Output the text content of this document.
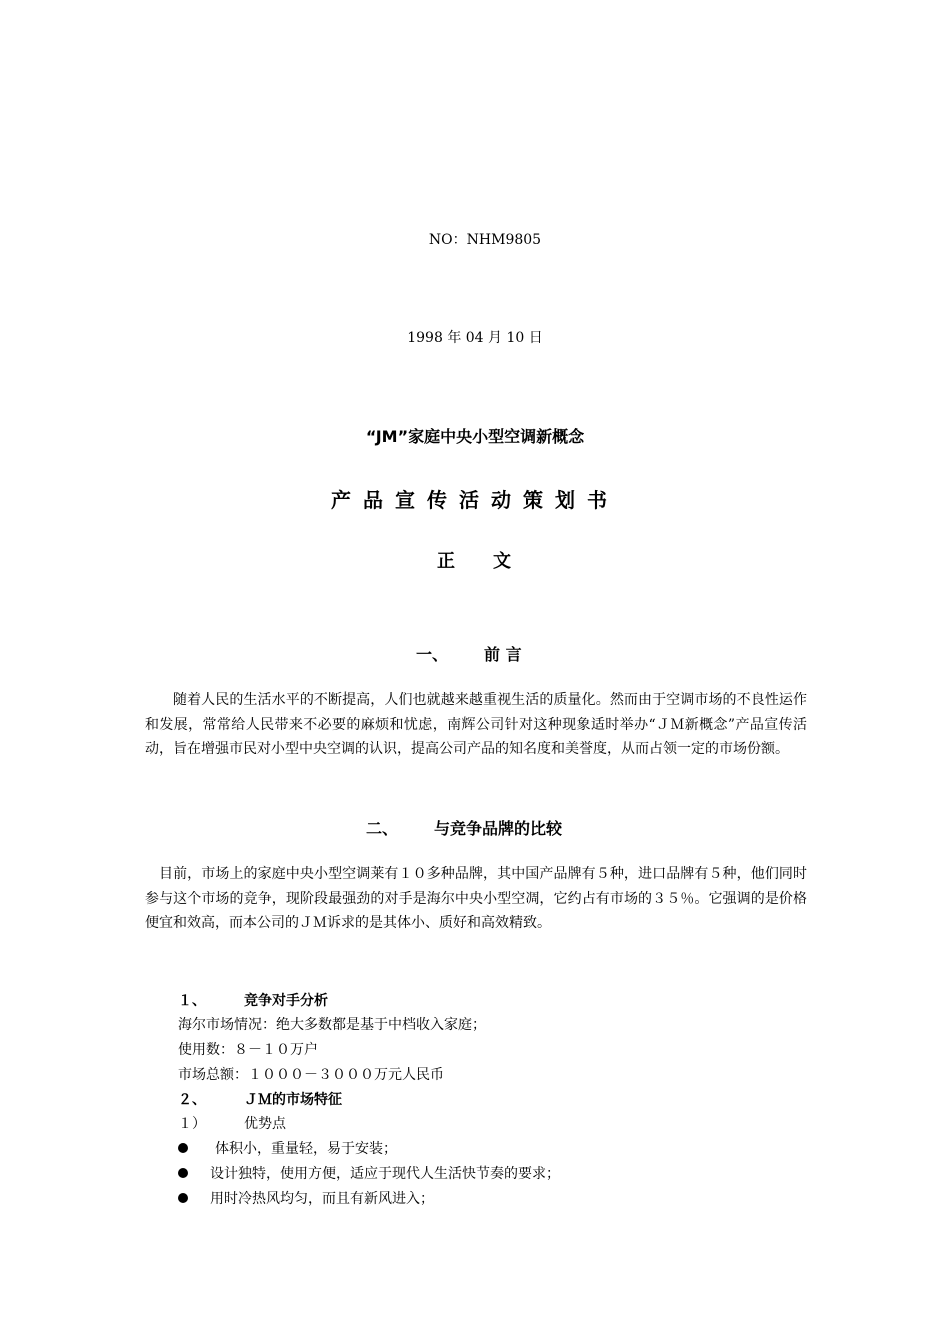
NO：NHM9805
1998 年 04 月 10 日
“JM”家庭中央小型空调新概念
产品宣传活动策划书
正文
一、 前 言
随着人民的生活水平的不断提高，人们也就越来越重视生活的质量化。然而由于空调市场的不良性运作和发展，常常给人民带来不必要的麻烦和忧虑，南辉公司针对这种现象适时举办“ＪＭ新概念”产品宣传活动，旨在增强市民对小型中央空调的认识，提高公司产品的知名度和美誉度，从而占领一定的市场份额。
二、 与竞争品牌的比较
目前，市场上的家庭中央小型空调莱有１０多种品牌，其中国产品牌有５种，进口品牌有５种，他们同时参与这个市场的竞争，现阶段最强劲的对手是海尔中央小型空凋，它约占有市场的３５％。它强调的是价格便宜和效高，而本公司的ＪＭ诉求的是其体小、质好和高效精致。
１、	竞争对手分析
海尔市场情况：绝大多数都是基于中档收入家庭；
使用数：８－１０万户
市场总额：１０００－３０００万元人民币
２、	ＪＭ的市场特征
１）	优势点
体积小，重量轻，易于安装；
设计独特，使用方便，适应于现代人生活快节奏的要求；
用时冷热风均匀，而且有新风进入；
